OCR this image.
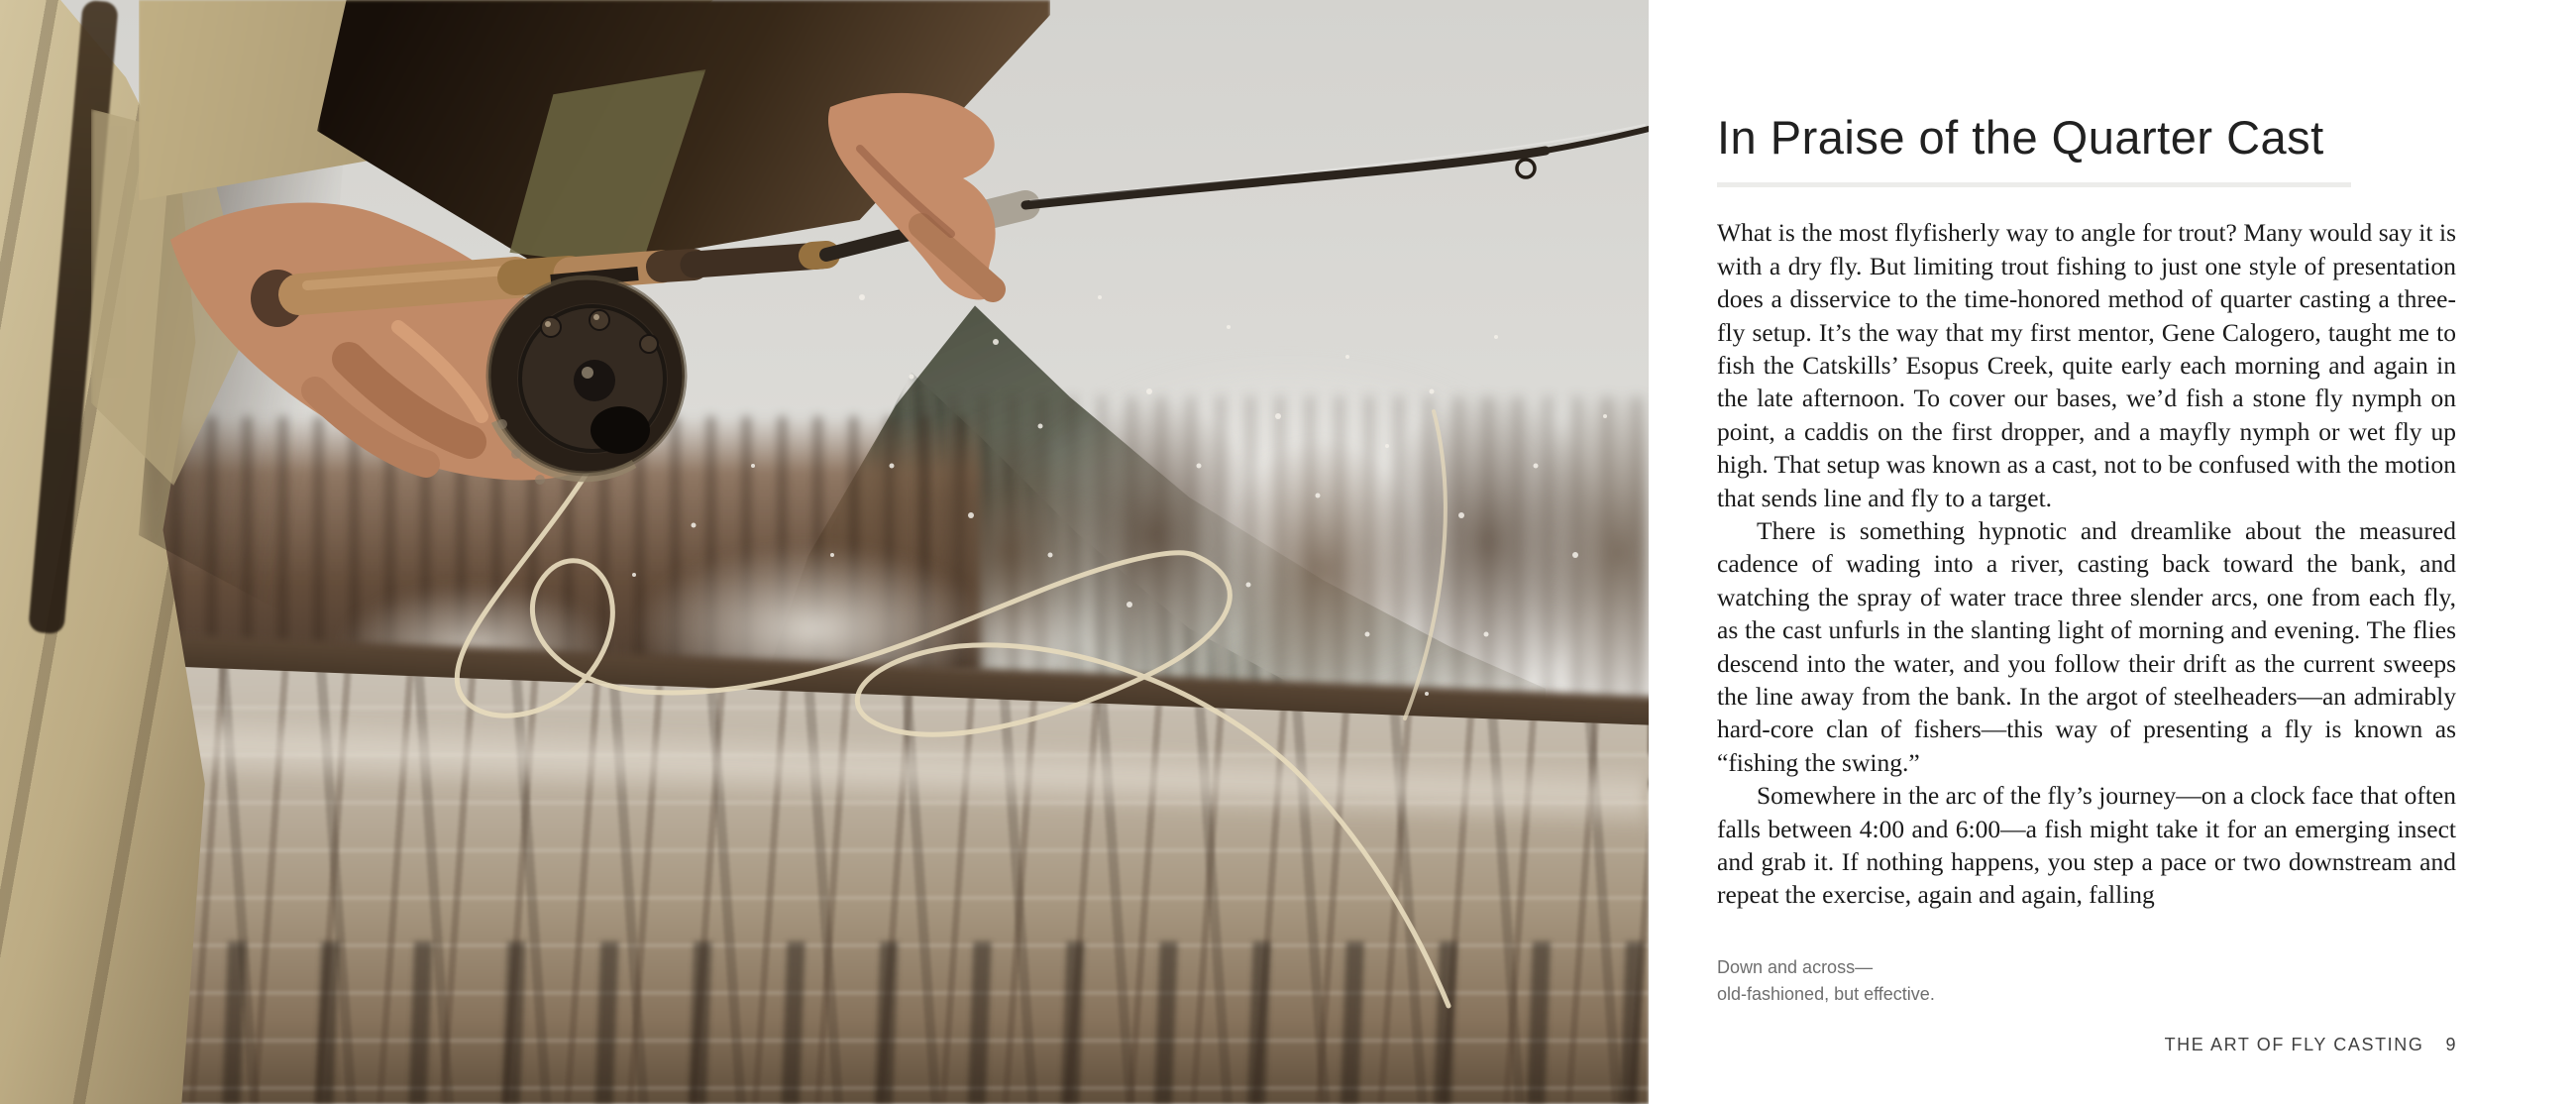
In Praise of the Quarter Cast

What is the most flyfisherly way to angle for trout? Many would say it is with a dry fly. But limiting trout fishing to just one style of presentation does a disservice to the time-honored method of quarter casting a three-fly setup. It’s the way that my first mentor, Gene Calogero, taught me to fish the Catskills’ Esopus Creek, quite early each morning and again in the late afternoon. To cover our bases, we’d fish a stone fly nymph on point, a caddis on the first dropper, and a mayfly nymph or wet fly up high. That setup was known as a cast, not to be confused with the motion that sends line and fly to a target.

There is something hypnotic and dreamlike about the measured cadence of wading into a river, casting back toward the bank, and watching the spray of water trace three slender arcs, one from each fly, as the cast unfurls in the slanting light of morning and evening. The flies descend into the water, and you follow their drift as the current sweeps the line away from the bank. In the argot of steelheaders—an admirably hard-core clan of fishers—this way of presenting a fly is known as “fishing the swing.”

Somewhere in the arc of the fly’s journey—on a clock face that often falls between 4:00 and 6:00—a fish might take it for an emerging insect and grab it. If nothing happens, you step a pace or two downstream and repeat the exercise, again and again, falling

Down and across—
old-fashioned, but effective.
THE ART OF FLY CASTING 9
